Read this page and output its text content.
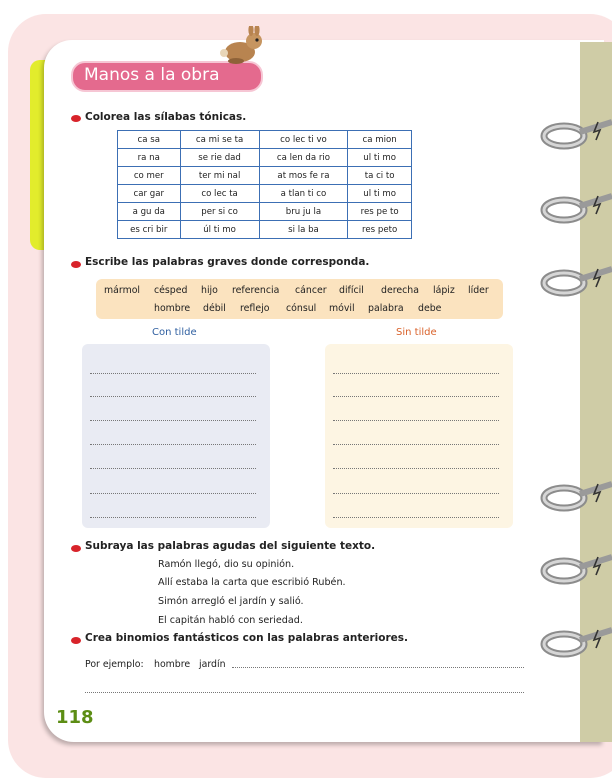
Manos a la obra
Colorea las sílabas tónicas.
ca sa	ca mi se ta	co lec ti vo	ca mion
ra na	se rie dad	ca len da rio	ul ti mo
co mer	ter mi nal	at mos fe ra	ta ci to
car gar	co lec ta	a tlan ti co	ul ti mo
a gu da	per si co	bru ju la	res pe to
es cri bir	úl ti mo	si la ba	res peto
Escribe las palabras graves donde corresponda.
mármol césped hijo referencia cáncer difícil derecha lápiz líder
hombre débil reflejo cónsul móvil palabra debe
Con tilde	Sin tilde
Subraya las palabras agudas del siguiente texto.
Ramón llegó, dio su opinión.
Allí estaba la carta que escribió Rubén.
Simón arregló el jardín y salió.
El capitán habló con seriedad.
Crea binomios fantásticos con las palabras anteriores.
Por ejemplo: hombre jardín
118
